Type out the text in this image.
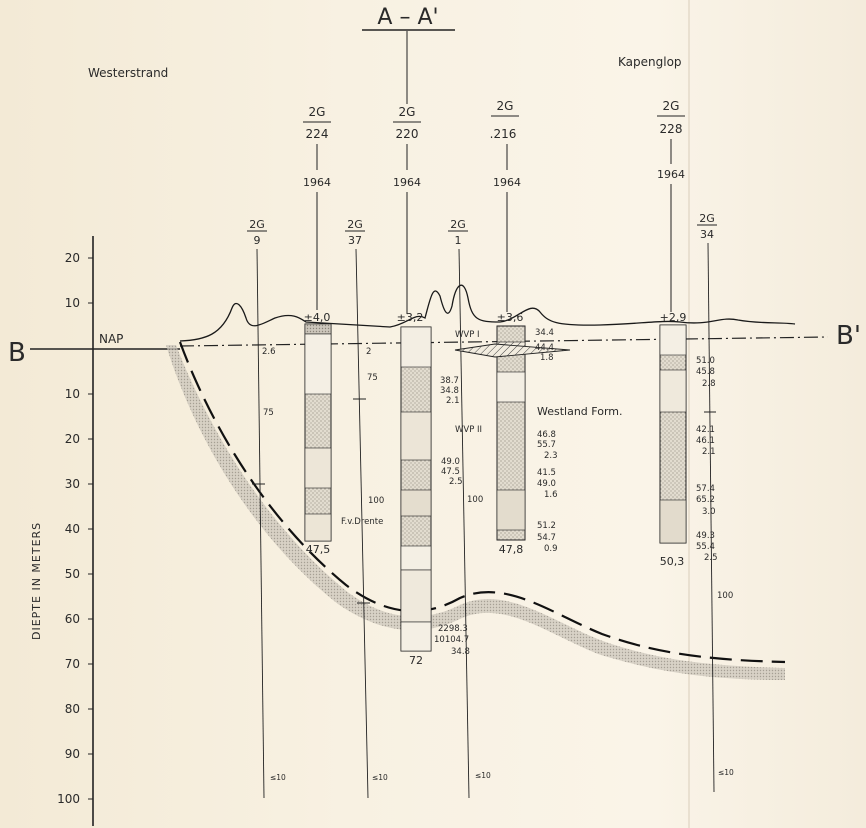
20
10
10
20
30
40
50
60
70
80
90
100
DIEPTE IN METERS
A – A'
Westerstrand
Kapenglop
B
B'
NAP
2G
9
2.6
75
≤10
2G
37
2
75
≤10
2G
1
100
≤10
2G
34
100
≤10
100
2G
224
1964
±4,0
47,5
2G
220
1964
±3,2
72
38.7
34.8
2.1
49.0
47.5
2.5
2298.3
10104.7
34.8
F.v.Drente
2G
.216
1964
±3,6
47,8
34.4
44.4
1.8
46.8
55.7
2.3
41.5
49.0
1.6
51.2
54.7
0.9
WVP I
WVP II
Westland Form.
2G
228
1964
+2,9
50,3
51.0
45.8
2.8
42.1
46.1
2.1
57.4
65.2
3.0
49.3
55.4
2.5
